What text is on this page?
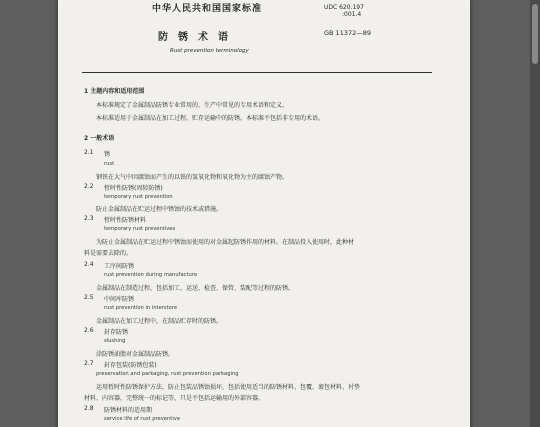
中华人民共和国国家标准	UDC 620.197
:001.4
防锈术语	GB 11372—89
Rust prevention terminology
1 主题内容和适用范围
本标准规定了金属制品防锈专业常用的、生产中常见的专用术语和定义。
本标准适用于金属制品在加工过程、贮存运输中的防锈。本标准不包括非专用的术语。
2 一般术语
2.1 锈
rust
钢铁在大气中因腐蚀而产生的以铁的氢氧化物和氧化物为主的腐蚀产物。
2.2 暂时性防锈(周转防锈)
temporary rust prevention
防止金属制品在贮运过程中锈蚀的技术或措施。
2.3 暂时性防锈材料
temporary rust preventives
为防止金属制品在贮运过程中锈蚀而使用的对金属起防锈作用的材料。在制品投入使用时，此种材
料是需要去除的。
2.4 工序间防锈
rust prevention during manufacture
金属制品在制造过程，包括加工、运送、检查、保管、装配等过程的防锈。
2.5 中间库防锈
rust prevention in interstore
金属制品在加工过程中，在制品贮存时的防锈。
2.6 封存防锈
slushing
涂防锈油脂对金属制品防锈。
2.7 封存包装(防锈包装)
preservation and parkaging, rust prevention parkaging
运用暂时性防锈保护方法，防止包装品锈蚀损坏，包括使用适当的防锈材料、包覆、裹包材料、衬垫
材料、内容器，完整统一的标记等，只是不包括运输用的外部容器。
2.8 防锈材料的适用期
service life of rust preventive
